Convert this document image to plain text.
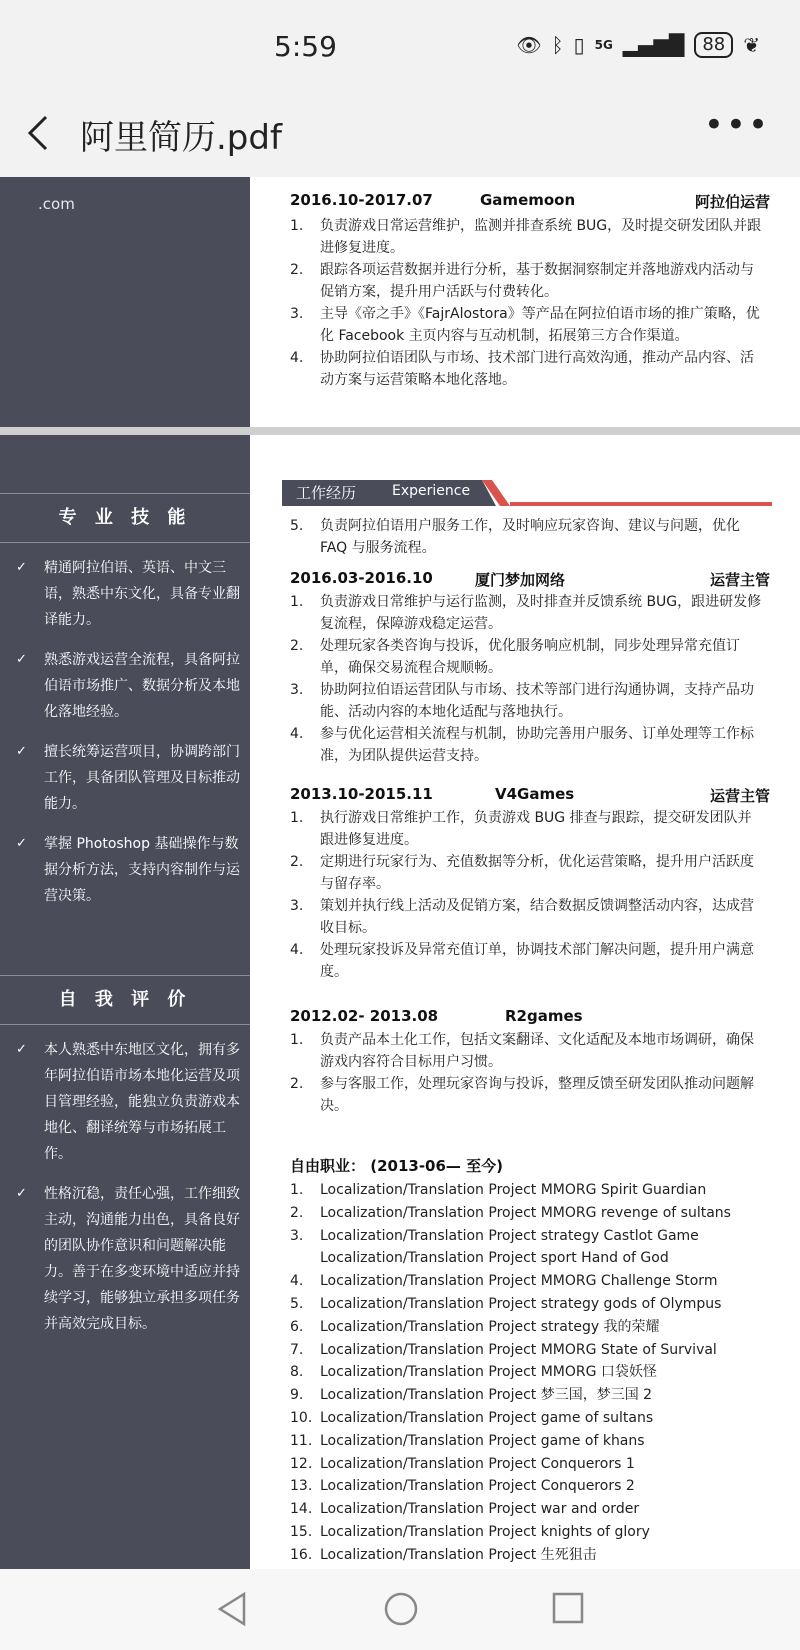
5:59	👁 ᛒ ▯ 5G ▂▄▆█	88 ❦
阿里简历.pdf	•••
.com	2016.10-2017.07	Gamemoon	阿拉伯运营
1. 负责游戏日常运营维护，监测并排查系统 BUG，及时提交研发团队并跟进修复进度。
2. 跟踪各项运营数据并进行分析，基于数据洞察制定并落地游戏内活动与促销方案，提升用户活跃与付费转化。
3. 主导《帝之手》《FajrAlostora》等产品在阿拉伯语市场的推广策略，优化 Facebook 主页内容与互动机制，拓展第三方合作渠道。
4. 协助阿拉伯语团队与市场、技术部门进行高效沟通，推动产品内容、活动方案与运营策略本地化落地。
专 业 技 能
✓ 精通阿拉伯语、英语、中文三语，熟悉中东文化，具备专业翻译能力。
✓ 熟悉游戏运营全流程，具备阿拉伯语市场推广、数据分析及本地化落地经验。
✓ 擅长统筹运营项目，协调跨部门工作，具备团队管理及目标推动能力。
✓ 掌握 Photoshop 基础操作与数据分析方法，支持内容制作与运营决策。
自 我 评 价
✓ 本人熟悉中东地区文化，拥有多年阿拉伯语市场本地化运营及项目管理经验，能独立负责游戏本地化、翻译统筹与市场拓展工作。
✓ 性格沉稳，责任心强，工作细致主动，沟通能力出色，具备良好的团队协作意识和问题解决能力。善于在多变环境中适应并持续学习，能够独立承担多项任务并高效完成目标。
工作经历	Experience
5. 负责阿拉伯语用户服务工作，及时响应玩家咨询、建议与问题，优化 FAQ 与服务流程。
2016.03-2016.10	厦门梦加网络	运营主管
1. 负责游戏日常维护与运行监测，及时排查并反馈系统 BUG，跟进研发修复流程，保障游戏稳定运营。
2. 处理玩家各类咨询与投诉，优化服务响应机制，同步处理异常充值订单，确保交易流程合规顺畅。
3. 协助阿拉伯语运营团队与市场、技术等部门进行沟通协调，支持产品功能、活动内容的本地化适配与落地执行。
4. 参与优化运营相关流程与机制，协助完善用户服务、订单处理等工作标准，为团队提供运营支持。
2013.10-2015.11	V4Games	运营主管
1. 执行游戏日常维护工作，负责游戏 BUG 排查与跟踪，提交研发团队并跟进修复进度。
2. 定期进行玩家行为、充值数据等分析，优化运营策略，提升用户活跃度与留存率。
3. 策划并执行线上活动及促销方案，结合数据反馈调整活动内容，达成营收目标。
4. 处理玩家投诉及异常充值订单，协调技术部门解决问题，提升用户满意度。
2012.02- 2013.08	R2games
1. 负责产品本土化工作，包括文案翻译、文化适配及本地市场调研，确保游戏内容符合目标用户习惯。
2. 参与客服工作，处理玩家咨询与投诉，整理反馈至研发团队推动问题解决。
自由职业： (2013-06— 至今)
1. Localization/Translation Project MMORG Spirit Guardian
2. Localization/Translation Project MMORG revenge of sultans
3. Localization/Translation Project strategy Castlot Game
Localization/Translation Project sport Hand of God
4. Localization/Translation Project MMORG Challenge Storm
5. Localization/Translation Project strategy gods of Olympus
6. Localization/Translation Project strategy 我的荣耀
7. Localization/Translation Project MMORG State of Survival
8. Localization/Translation Project MMORG 口袋妖怪
9. Localization/Translation Project 梦三国，梦三国 2
10. Localization/Translation Project game of sultans
11. Localization/Translation Project game of khans
12. Localization/Translation Project Conquerors 1
13. Localization/Translation Project Conquerors 2
14. Localization/Translation Project war and order
15. Localization/Translation Project knights of glory
16. Localization/Translation Project 生死狙击
